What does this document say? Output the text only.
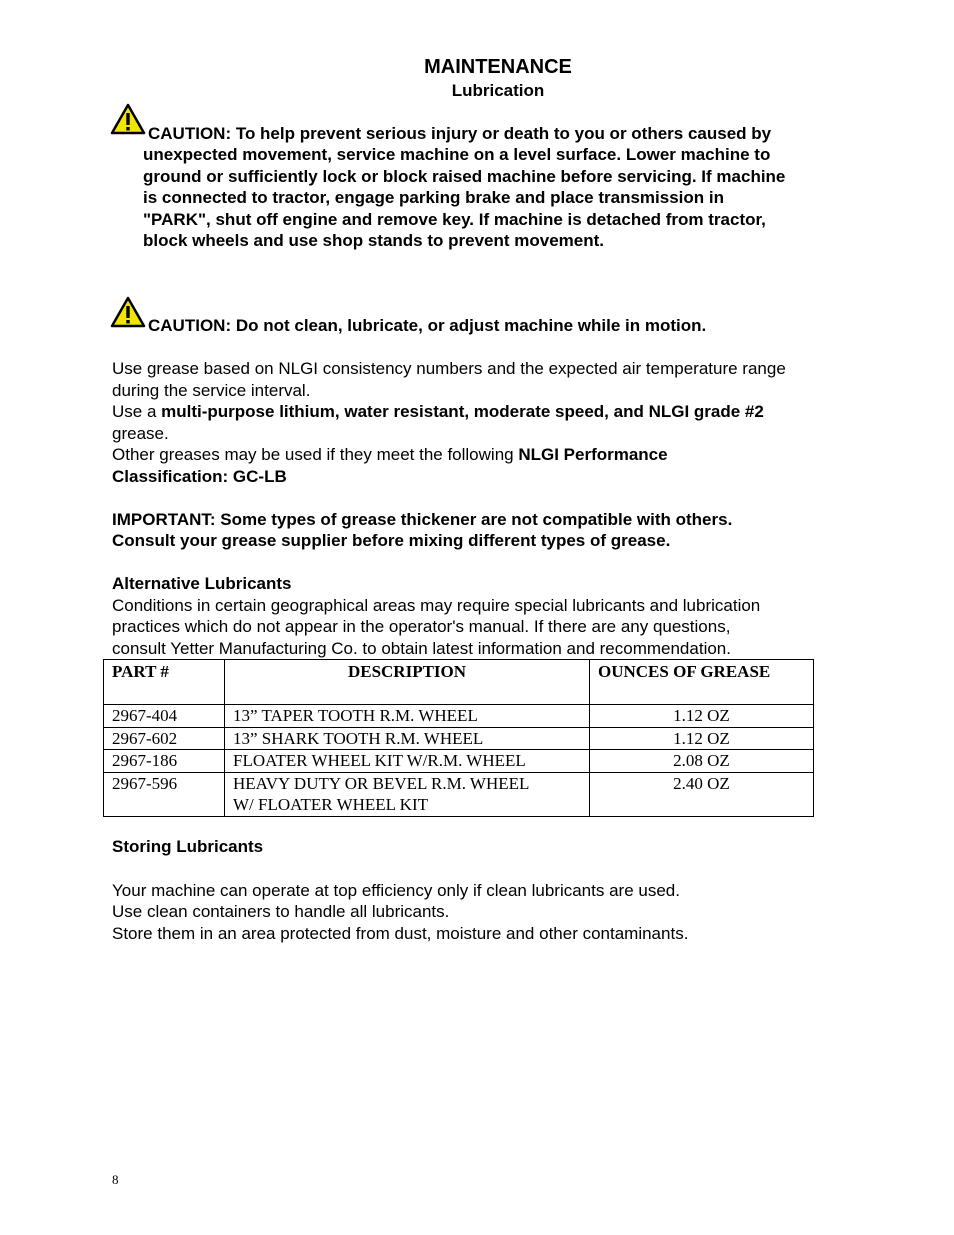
MAINTENANCE
Lubrication
CAUTION: To help prevent serious injury or death to you or others caused by
unexpected movement, service machine on a level surface. Lower machine to
ground or sufficiently lock or block raised machine before servicing. If machine
is connected to tractor, engage parking brake and place transmission in
"PARK", shut off engine and remove key. If machine is detached from tractor,
block wheels and use shop stands to prevent movement.
CAUTION: Do not clean, lubricate, or adjust machine while in motion.
Use grease based on NLGI consistency numbers and the expected air temperature range
during the service interval.
Use a multi-purpose lithium, water resistant, moderate speed, and NLGI grade #2
grease.
Other greases may be used if they meet the following NLGI Performance
Classification: GC-LB
IMPORTANT: Some types of grease thickener are not compatible with others.
Consult your grease supplier before mixing different types of grease.
Alternative Lubricants
Conditions in certain geographical areas may require special lubricants and lubrication
practices which do not appear in the operator's manual. If there are any questions,
consult Yetter Manufacturing Co. to obtain latest information and recommendation.
PART #	DESCRIPTION	OUNCES OF GREASE
2967-404	13” TAPER TOOTH R.M. WHEEL	1.12 OZ
2967-602	13” SHARK TOOTH R.M. WHEEL	1.12 OZ
2967-186	FLOATER WHEEL KIT W/R.M. WHEEL	2.08 OZ
2967-596	HEAVY DUTY OR BEVEL R.M. WHEEL
W/ FLOATER WHEEL KIT	2.40 OZ
Storing Lubricants
Your machine can operate at top efficiency only if clean lubricants are used.
Use clean containers to handle all lubricants.
Store them in an area protected from dust, moisture and other contaminants.
8
